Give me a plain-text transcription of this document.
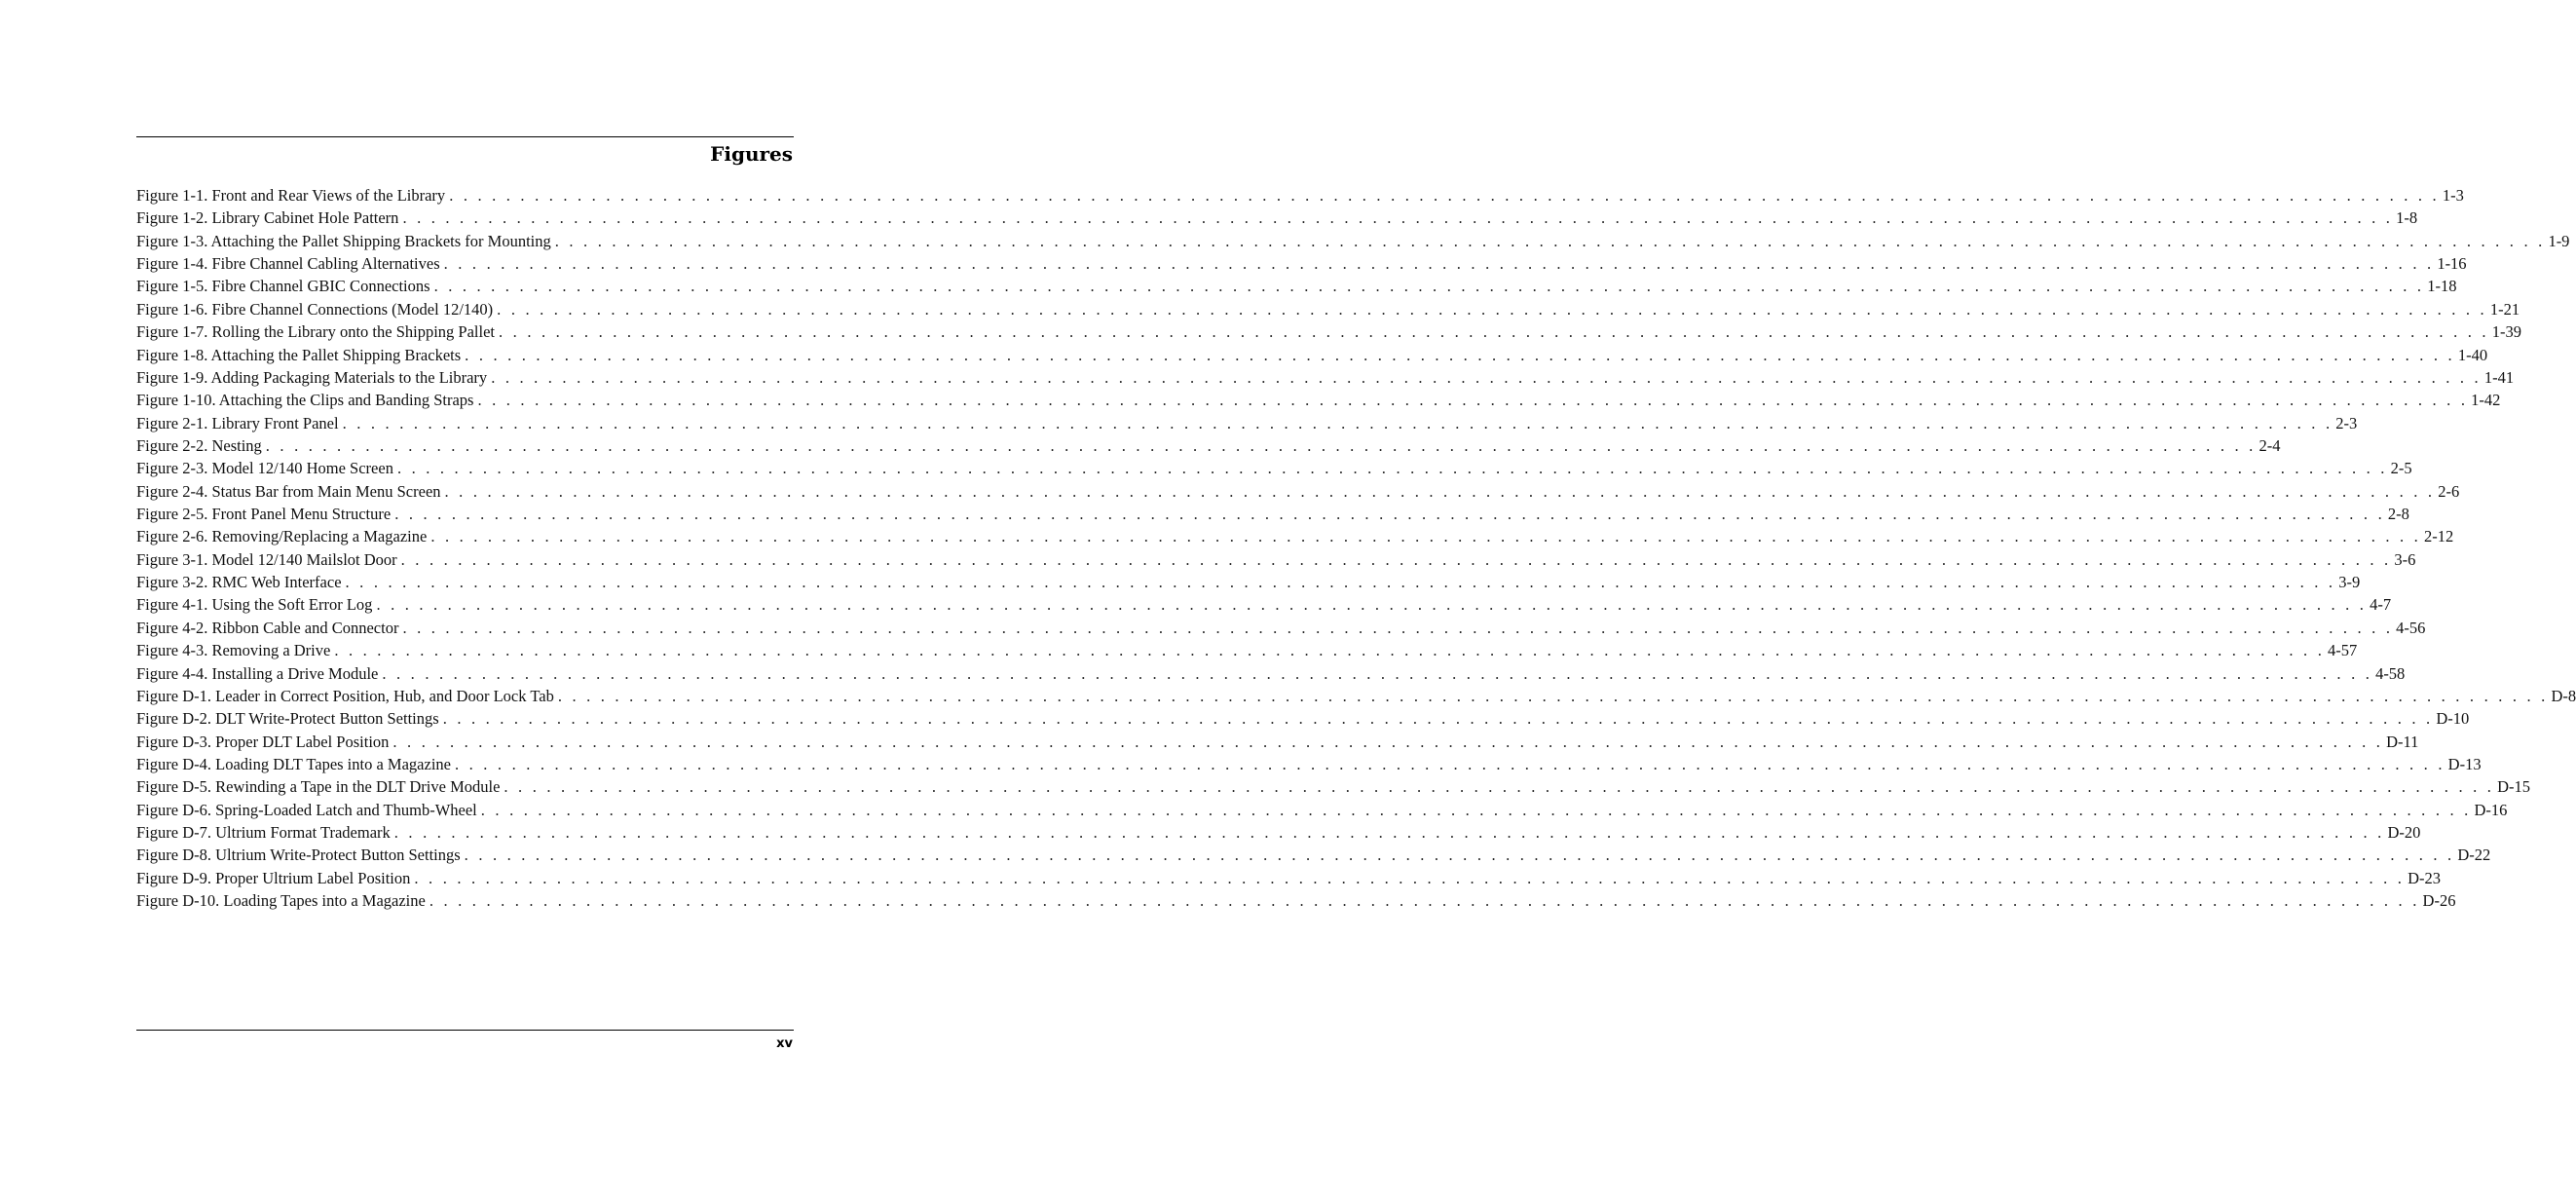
Figures
Figure 1-1. Front and Rear Views of the Library . . . . . . . . . . . . . . . . . . . . . . . . . . . . . . . . . . . . . . . . . . . . . . . . . . . . . . . . . . . . . . . . . . . . . . . . . . . . . . . . . . . . . . . . . . . . . . . . . . . . . . . . . . . . . . . . . . . . . . . . . . . . . . . . . . . . . . . . . . . . 1-3
Figure 1-2. Library Cabinet Hole Pattern . . . . . . . . . . . . . . . . . . . . . . . . . . . . . . . . . . . . . . . . . . . . . . . . . . . . . . . . . . . . . . . . . . . . . . . . . . . . . . . . . . . . . . . . . . . . . . . . . . . . . . . . . . . . . . . . . . . . . . . . . . . . . . . . . . . . . . . . . . . . 1-8
Figure 1-3. Attaching the Pallet Shipping Brackets for Mounting . . . . . . . . . . . . . . . . . . . . . . . . . . . . . . . . . . . . . . . . . . . . . . . . . . . . . . . . . . . . . . . . . . . . . . . . . . . . . . . . . . . . . . . . . . . . . . . . . . . . . . . . . . . . . . . . . . . . . . . . . . . . . . . . . . . . . . . . . . . . 1-9
Figure 1-4. Fibre Channel Cabling Alternatives . . . . . . . . . . . . . . . . . . . . . . . . . . . . . . . . . . . . . . . . . . . . . . . . . . . . . . . . . . . . . . . . . . . . . . . . . . . . . . . . . . . . . . . . . . . . . . . . . . . . . . . . . . . . . . . . . . . . . . . . . . . . . . . . . . . . . . . . . . . . 1-16
Figure 1-5. Fibre Channel GBIC Connections . . . . . . . . . . . . . . . . . . . . . . . . . . . . . . . . . . . . . . . . . . . . . . . . . . . . . . . . . . . . . . . . . . . . . . . . . . . . . . . . . . . . . . . . . . . . . . . . . . . . . . . . . . . . . . . . . . . . . . . . . . . . . . . . . . . . . . . . . . . . 1-18
Figure 1-6. Fibre Channel Connections (Model 12/140) . . . . . . . . . . . . . . . . . . . . . . . . . . . . . . . . . . . . . . . . . . . . . . . . . . . . . . . . . . . . . . . . . . . . . . . . . . . . . . . . . . . . . . . . . . . . . . . . . . . . . . . . . . . . . . . . . . . . . . . . . . . . . . . . . . . . . . . . . . . . 1-21
Figure 1-7. Rolling the Library onto the Shipping Pallet . . . . . . . . . . . . . . . . . . . . . . . . . . . . . . . . . . . . . . . . . . . . . . . . . . . . . . . . . . . . . . . . . . . . . . . . . . . . . . . . . . . . . . . . . . . . . . . . . . . . . . . . . . . . . . . . . . . . . . . . . . . . . . . . . . . . . . . . . . . . 1-39
Figure 1-8. Attaching the Pallet Shipping Brackets . . . . . . . . . . . . . . . . . . . . . . . . . . . . . . . . . . . . . . . . . . . . . . . . . . . . . . . . . . . . . . . . . . . . . . . . . . . . . . . . . . . . . . . . . . . . . . . . . . . . . . . . . . . . . . . . . . . . . . . . . . . . . . . . . . . . . . . . . . . . 1-40
Figure 1-9. Adding Packaging Materials to the Library . . . . . . . . . . . . . . . . . . . . . . . . . . . . . . . . . . . . . . . . . . . . . . . . . . . . . . . . . . . . . . . . . . . . . . . . . . . . . . . . . . . . . . . . . . . . . . . . . . . . . . . . . . . . . . . . . . . . . . . . . . . . . . . . . . . . . . . . . . . . 1-41
Figure 1-10. Attaching the Clips and Banding Straps . . . . . . . . . . . . . . . . . . . . . . . . . . . . . . . . . . . . . . . . . . . . . . . . . . . . . . . . . . . . . . . . . . . . . . . . . . . . . . . . . . . . . . . . . . . . . . . . . . . . . . . . . . . . . . . . . . . . . . . . . . . . . . . . . . . . . . . . . . . . 1-42
Figure 2-1. Library Front Panel . . . . . . . . . . . . . . . . . . . . . . . . . . . . . . . . . . . . . . . . . . . . . . . . . . . . . . . . . . . . . . . . . . . . . . . . . . . . . . . . . . . . . . . . . . . . . . . . . . . . . . . . . . . . . . . . . . . . . . . . . . . . . . . . . . . . . . . . . . . . 2-3
Figure 2-2. Nesting . . . . . . . . . . . . . . . . . . . . . . . . . . . . . . . . . . . . . . . . . . . . . . . . . . . . . . . . . . . . . . . . . . . . . . . . . . . . . . . . . . . . . . . . . . . . . . . . . . . . . . . . . . . . . . . . . . . . . . . . . . . . . . . . . . . . . . . . . . . . 2-4
Figure 2-3. Model 12/140 Home Screen . . . . . . . . . . . . . . . . . . . . . . . . . . . . . . . . . . . . . . . . . . . . . . . . . . . . . . . . . . . . . . . . . . . . . . . . . . . . . . . . . . . . . . . . . . . . . . . . . . . . . . . . . . . . . . . . . . . . . . . . . . . . . . . . . . . . . . . . . . . . 2-5
Figure 2-4. Status Bar from Main Menu Screen . . . . . . . . . . . . . . . . . . . . . . . . . . . . . . . . . . . . . . . . . . . . . . . . . . . . . . . . . . . . . . . . . . . . . . . . . . . . . . . . . . . . . . . . . . . . . . . . . . . . . . . . . . . . . . . . . . . . . . . . . . . . . . . . . . . . . . . . . . . . 2-6
Figure 2-5. Front Panel Menu Structure . . . . . . . . . . . . . . . . . . . . . . . . . . . . . . . . . . . . . . . . . . . . . . . . . . . . . . . . . . . . . . . . . . . . . . . . . . . . . . . . . . . . . . . . . . . . . . . . . . . . . . . . . . . . . . . . . . . . . . . . . . . . . . . . . . . . . . . . . . . . 2-8
Figure 2-6. Removing/Replacing a Magazine . . . . . . . . . . . . . . . . . . . . . . . . . . . . . . . . . . . . . . . . . . . . . . . . . . . . . . . . . . . . . . . . . . . . . . . . . . . . . . . . . . . . . . . . . . . . . . . . . . . . . . . . . . . . . . . . . . . . . . . . . . . . . . . . . . . . . . . . . . . . 2-12
Figure 3-1. Model 12/140 Mailslot Door . . . . . . . . . . . . . . . . . . . . . . . . . . . . . . . . . . . . . . . . . . . . . . . . . . . . . . . . . . . . . . . . . . . . . . . . . . . . . . . . . . . . . . . . . . . . . . . . . . . . . . . . . . . . . . . . . . . . . . . . . . . . . . . . . . . . . . . . . . . . 3-6
Figure 3-2. RMC Web Interface . . . . . . . . . . . . . . . . . . . . . . . . . . . . . . . . . . . . . . . . . . . . . . . . . . . . . . . . . . . . . . . . . . . . . . . . . . . . . . . . . . . . . . . . . . . . . . . . . . . . . . . . . . . . . . . . . . . . . . . . . . . . . . . . . . . . . . . . . . . . 3-9
Figure 4-1. Using the Soft Error Log . . . . . . . . . . . . . . . . . . . . . . . . . . . . . . . . . . . . . . . . . . . . . . . . . . . . . . . . . . . . . . . . . . . . . . . . . . . . . . . . . . . . . . . . . . . . . . . . . . . . . . . . . . . . . . . . . . . . . . . . . . . . . . . . . . . . . . . . . . . . 4-7
Figure 4-2. Ribbon Cable and Connector . . . . . . . . . . . . . . . . . . . . . . . . . . . . . . . . . . . . . . . . . . . . . . . . . . . . . . . . . . . . . . . . . . . . . . . . . . . . . . . . . . . . . . . . . . . . . . . . . . . . . . . . . . . . . . . . . . . . . . . . . . . . . . . . . . . . . . . . . . . . 4-56
Figure 4-3. Removing a Drive . . . . . . . . . . . . . . . . . . . . . . . . . . . . . . . . . . . . . . . . . . . . . . . . . . . . . . . . . . . . . . . . . . . . . . . . . . . . . . . . . . . . . . . . . . . . . . . . . . . . . . . . . . . . . . . . . . . . . . . . . . . . . . . . . . . . . . . . . . . . 4-57
Figure 4-4. Installing a Drive Module . . . . . . . . . . . . . . . . . . . . . . . . . . . . . . . . . . . . . . . . . . . . . . . . . . . . . . . . . . . . . . . . . . . . . . . . . . . . . . . . . . . . . . . . . . . . . . . . . . . . . . . . . . . . . . . . . . . . . . . . . . . . . . . . . . . . . . . . . . . . 4-58
Figure D-1. Leader in Correct Position, Hub, and Door Lock Tab . . . . . . . . . . . . . . . . . . . . . . . . . . . . . . . . . . . . . . . . . . . . . . . . . . . . . . . . . . . . . . . . . . . . . . . . . . . . . . . . . . . . . . . . . . . . . . . . . . . . . . . . . . . . . . . . . . . . . . . . . . . . . . . . . . . . . . . . . . . . D-8
Figure D-2. DLT Write-Protect Button Settings . . . . . . . . . . . . . . . . . . . . . . . . . . . . . . . . . . . . . . . . . . . . . . . . . . . . . . . . . . . . . . . . . . . . . . . . . . . . . . . . . . . . . . . . . . . . . . . . . . . . . . . . . . . . . . . . . . . . . . . . . . . . . . . . . . . . . . . . . . . . D-10
Figure D-3. Proper DLT Label Position . . . . . . . . . . . . . . . . . . . . . . . . . . . . . . . . . . . . . . . . . . . . . . . . . . . . . . . . . . . . . . . . . . . . . . . . . . . . . . . . . . . . . . . . . . . . . . . . . . . . . . . . . . . . . . . . . . . . . . . . . . . . . . . . . . . . . . . . . . . . D-11
Figure D-4. Loading DLT Tapes into a Magazine . . . . . . . . . . . . . . . . . . . . . . . . . . . . . . . . . . . . . . . . . . . . . . . . . . . . . . . . . . . . . . . . . . . . . . . . . . . . . . . . . . . . . . . . . . . . . . . . . . . . . . . . . . . . . . . . . . . . . . . . . . . . . . . . . . . . . . . . . . . . D-13
Figure D-5. Rewinding a Tape in the DLT Drive Module . . . . . . . . . . . . . . . . . . . . . . . . . . . . . . . . . . . . . . . . . . . . . . . . . . . . . . . . . . . . . . . . . . . . . . . . . . . . . . . . . . . . . . . . . . . . . . . . . . . . . . . . . . . . . . . . . . . . . . . . . . . . . . . . . . . . . . . . . . . . D-15
Figure D-6. Spring-Loaded Latch and Thumb-Wheel . . . . . . . . . . . . . . . . . . . . . . . . . . . . . . . . . . . . . . . . . . . . . . . . . . . . . . . . . . . . . . . . . . . . . . . . . . . . . . . . . . . . . . . . . . . . . . . . . . . . . . . . . . . . . . . . . . . . . . . . . . . . . . . . . . . . . . . . . . . . D-16
Figure D-7. Ultrium Format Trademark . . . . . . . . . . . . . . . . . . . . . . . . . . . . . . . . . . . . . . . . . . . . . . . . . . . . . . . . . . . . . . . . . . . . . . . . . . . . . . . . . . . . . . . . . . . . . . . . . . . . . . . . . . . . . . . . . . . . . . . . . . . . . . . . . . . . . . . . . . . . D-20
Figure D-8. Ultrium Write-Protect Button Settings . . . . . . . . . . . . . . . . . . . . . . . . . . . . . . . . . . . . . . . . . . . . . . . . . . . . . . . . . . . . . . . . . . . . . . . . . . . . . . . . . . . . . . . . . . . . . . . . . . . . . . . . . . . . . . . . . . . . . . . . . . . . . . . . . . . . . . . . . . . . D-22
Figure D-9. Proper Ultrium Label Position . . . . . . . . . . . . . . . . . . . . . . . . . . . . . . . . . . . . . . . . . . . . . . . . . . . . . . . . . . . . . . . . . . . . . . . . . . . . . . . . . . . . . . . . . . . . . . . . . . . . . . . . . . . . . . . . . . . . . . . . . . . . . . . . . . . . . . . . . . . . D-23
Figure D-10. Loading Tapes into a Magazine . . . . . . . . . . . . . . . . . . . . . . . . . . . . . . . . . . . . . . . . . . . . . . . . . . . . . . . . . . . . . . . . . . . . . . . . . . . . . . . . . . . . . . . . . . . . . . . . . . . . . . . . . . . . . . . . . . . . . . . . . . . . . . . . . . . . . . . . . . . . D-26
xv
